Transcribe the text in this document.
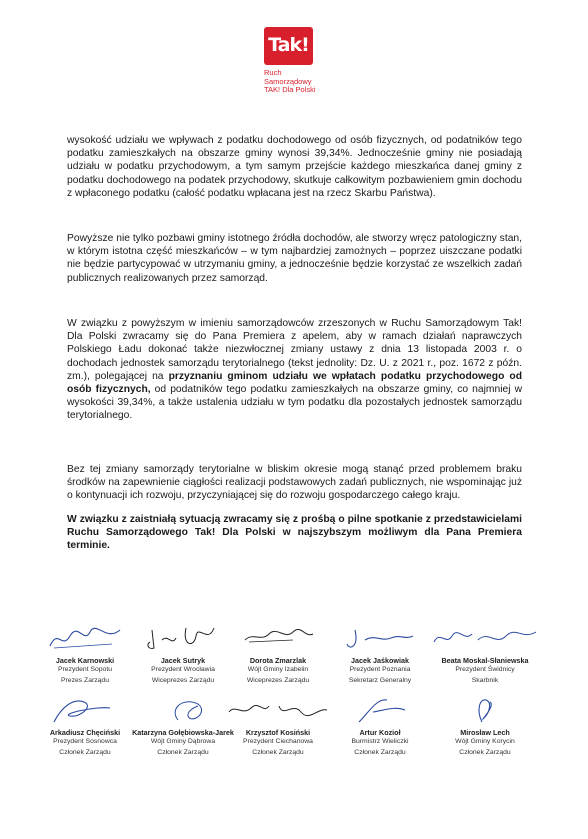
Tak!
Ruch
Samorządowy
TAK! Dla Polski

wysokość udziału we wpływach z podatku dochodowego od osób fizycznych, od podatników tego podatku zamieszkałych na obszarze gminy wynosi 39,34%. Jednocześnie gminy nie posiadają udziału w podatku przychodowym, a tym samym przejście każdego mieszkańca danej gminy z podatku dochodowego na podatek przychodowy, skutkuje całkowitym pozbawieniem gmin dochodu z wpłaconego podatku (całość podatku wpłacana jest na rzecz Skarbu Państwa).

Powyższe nie tylko pozbawi gminy istotnego źródła dochodów, ale stworzy wręcz patologiczny stan, w którym istotna część mieszkańców – w tym najbardziej zamożnych – poprzez uiszczane podatki nie będzie partycypować w utrzymaniu gminy, a jednocześnie będzie korzystać ze wszelkich zadań publicznych realizowanych przez samorząd.

W związku z powyższym w imieniu samorządowców zrzeszonych w Ruchu Samorządowym Tak! Dla Polski zwracamy się do Pana Premiera z apelem, aby w ramach działań naprawczych Polskiego Ładu dokonać także niezwłocznej zmiany ustawy z dnia 13 listopada 2003 r. o dochodach jednostek samorządu terytorialnego (tekst jednolity: Dz. U. z 2021 r., poz. 1672 z późn. zm.), polegającej na przyznaniu gminom udziału we wpłatach podatku przychodowego od osób fizycznych, od podatników tego podatku zamieszkałych na obszarze gminy, co najmniej w wysokości 39,34%, a także ustalenia udziału w tym podatku dla pozostałych jednostek samorządu terytorialnego.

Bez tej zmiany samorządy terytorialne w bliskim okresie mogą stanąć przed problemem braku środków na zapewnienie ciągłości realizacji podstawowych zadań publicznych, nie wspominając już o kontynuacji ich rozwoju, przyczyniającej się do rozwoju gospodarczego całego kraju.

W związku z zaistniałą sytuacją zwracamy się z prośbą o pilne spotkanie z przedstawicielami Ruchu Samorządowego Tak! Dla Polski w najszybszym możliwym dla Pana Premiera terminie.

Jacek Karnowski
Prezydent Sopotu
Prezes Zarządu
Jacek Sutryk
Prezydent Wrocławia
Wiceprezes Zarządu
Dorota Zmarzlak
Wójt Gminy Izabelin
Wiceprezes Zarządu
Jacek Jaśkowiak
Prezydent Poznania
Sekretarz Generalny
Beata Moskal-Słaniewska
Prezydent Świdnicy
Skarbnik
Arkadiusz Chęciński
Prezydent Sosnowca
Członek Zarządu
Katarzyna Gołębiowska-Jarek
Wójt Gminy Dąbrowa
Członek Zarządu
Krzysztof Kosiński
Prezydent Ciechanowa
Członek Zarządu
Artur Kozioł
Burmistrz Wieliczki
Członek Zarządu
Mirosław Lech
Wójt Gminy Korycin
Członek Zarządu
